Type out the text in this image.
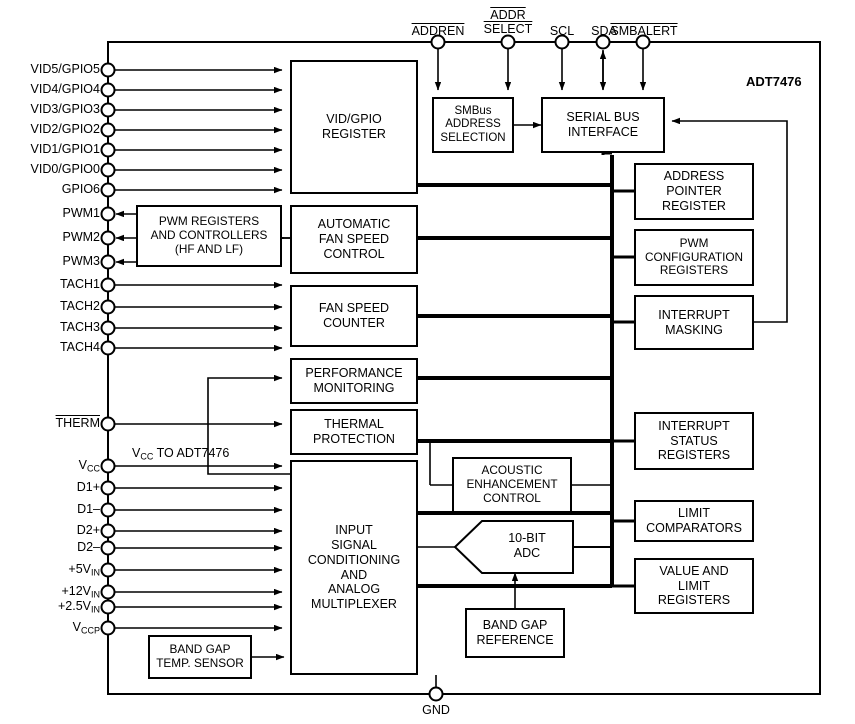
ADDREN
ADDR
SELECT	SCL	SDA
SMBALERT
ADT7476
VID5/GPIO5
VID4/GPIO4
VID3/GPIO3
VID2/GPIO2
VID1/GPIO1
VID0/GPIO0
GPIO6
PWM1
PWM2
PWM3
TACH1
TACH2
TACH3
TACH4
THERM
$V_{CC}$
D1+
D1–
D2+
D2–
$+5V_{IN}$
$+12V_{IN}$
$+2.5V_{IN}$
$V_{CCP}$
$V_{CC}$ TO ADT7476
VID/GPIO
REGISTER
SMBus
ADDRESS
SELECTION
SERIAL BUS
INTERFACE
ADDRESS
POINTER
REGISTER
PWM
CONFIGURATION
REGISTERS
INTERRUPT
MASKING
PWM REGISTERS
AND CONTROLLERS
(HF AND LF)
AUTOMATIC
FAN SPEED
CONTROL
FAN SPEED
COUNTER
PERFORMANCE
MONITORING
THERMAL
PROTECTION
INTERRUPT
STATUS
REGISTERS
LIMIT
COMPARATORS
VALUE AND
LIMIT
REGISTERS
ACOUSTIC
ENHANCEMENT
CONTROL
INPUT
SIGNAL
CONDITIONING
AND
ANALOG
MULTIPLEXER
BAND GAP
REFERENCE
BAND GAP
TEMP. SENSOR
10-BIT
ADC
GND
